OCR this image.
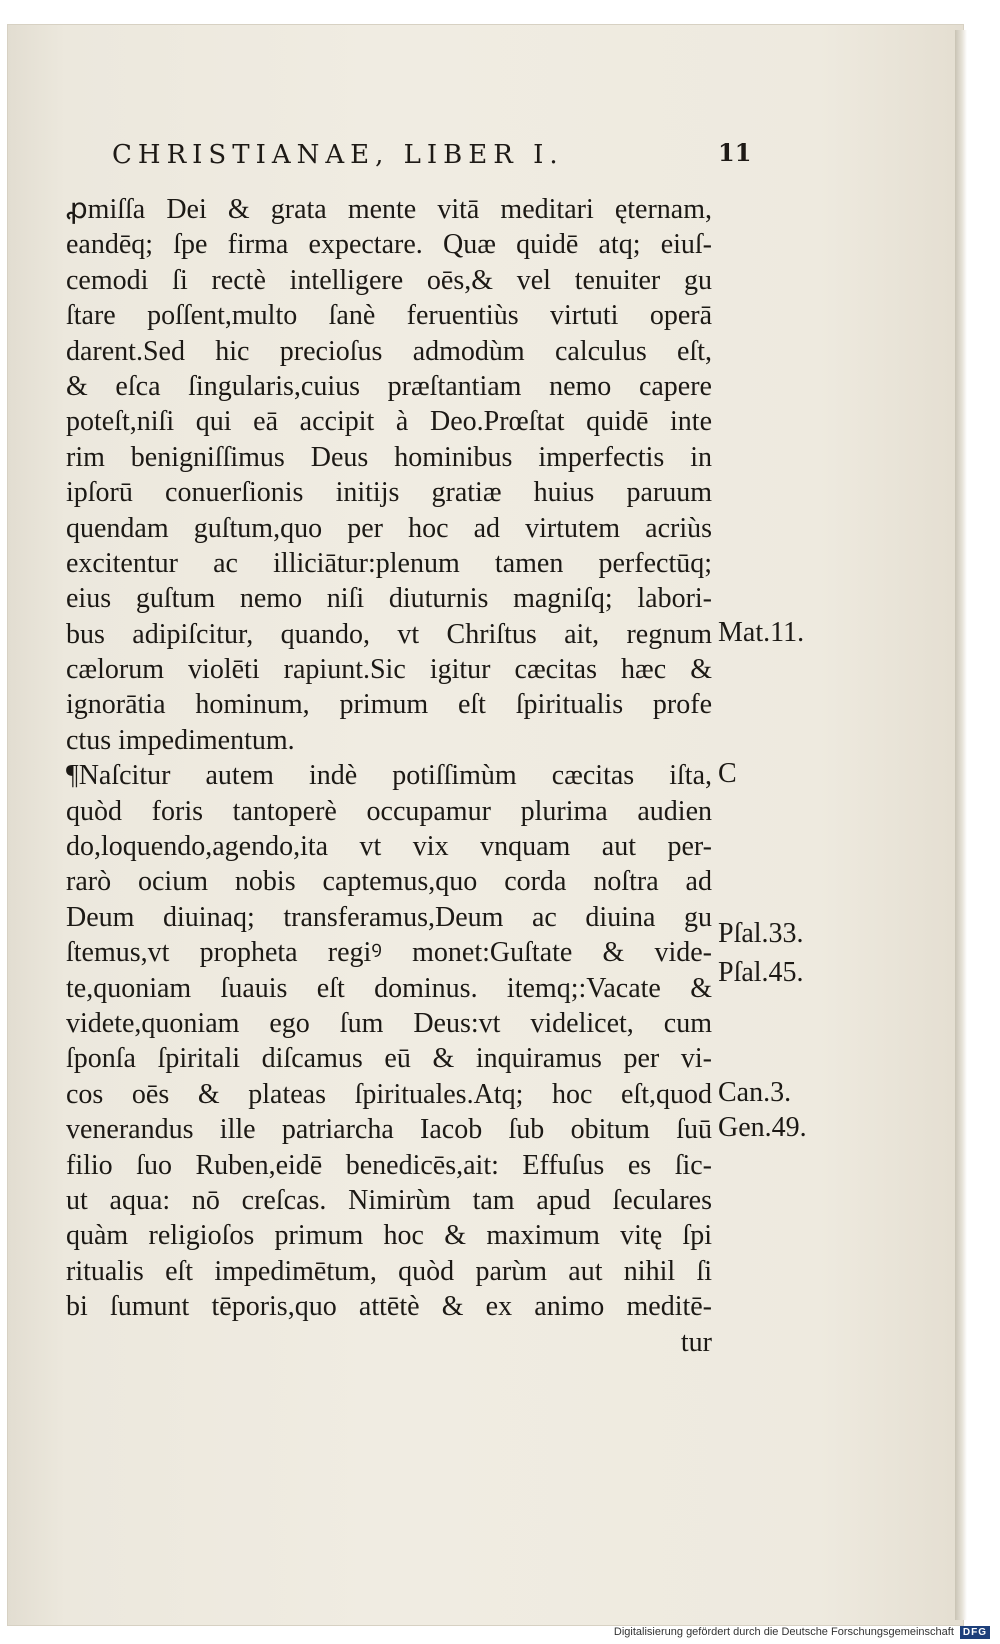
CHRISTIANAE, LIBER I.	11
ꝓmiſſa Dei & grata mente vitā meditari ęternam,
eandēq; ſpe firma expectare. Quæ quidē atq; eiuſ-
cemodi ſi rectè intelligere oēs,& vel tenuiter gu
ſtare poſſent,multo ſanè feruentiùs virtuti operā
darent.Sed hic precioſus admodùm calculus eſt,
& eſca ſingularis,cuius præſtantiam nemo capere
poteſt,niſi qui eā accipit à Deo.Prœſtat quidē inte
rim benigniſſimus Deus hominibus imperfectis in
ipſorū conuerſionis initijs gratiæ huius paruum
quendam guſtum,quo per hoc ad virtutem acriùs
excitentur ac illiciātur:plenum tamen perfectūq;
eius guſtum nemo niſi diuturnis magniſq; labori-
bus adipiſcitur, quando, vt Chriſtus ait, regnum
cælorum violēti rapiunt.Sic igitur cæcitas hæc &
ignorātia hominum, primum eſt ſpiritualis profe
ctus impedimentum.
¶Naſcitur autem indè potiſſimùm cæcitas iſta,
quòd foris tantoperè occupamur plurima audien
do,loquendo,agendo,ita vt vix vnquam aut per-
rarò ocium nobis captemus,quo corda noſtra ad
Deum diuinaq; transferamus,Deum ac diuina gu
ſtemus,vt propheta regiꝰ monet:Guſtate & vide-
te,quoniam ſuauis eſt dominus. itemq;:Vacate &
videte,quoniam ego ſum Deus:vt videlicet, cum
ſponſa ſpiritali diſcamus eū & inquiramus per vi-
cos oēs & plateas ſpirituales.Atq; hoc eſt,quod
venerandus ille patriarcha Iacob ſub obitum ſuū
filio ſuo Ruben,eidē benedicēs,ait: Effuſus es ſic-
ut aqua: nō creſcas. Nimirùm tam apud ſeculares
quàm religioſos primum hoc & maximum vitę ſpi
ritualis eſt impedimētum, quòd parùm aut nihil ſi
bi ſumunt tēporis,quo attētè & ex animo meditē-
tur
Mat.11.
C
Pſal.33.
Pſal.45.
Can.3.
Gen.49.
Digitalisierung gefördert durch die Deutsche Forschungsgemeinschaft DFG
